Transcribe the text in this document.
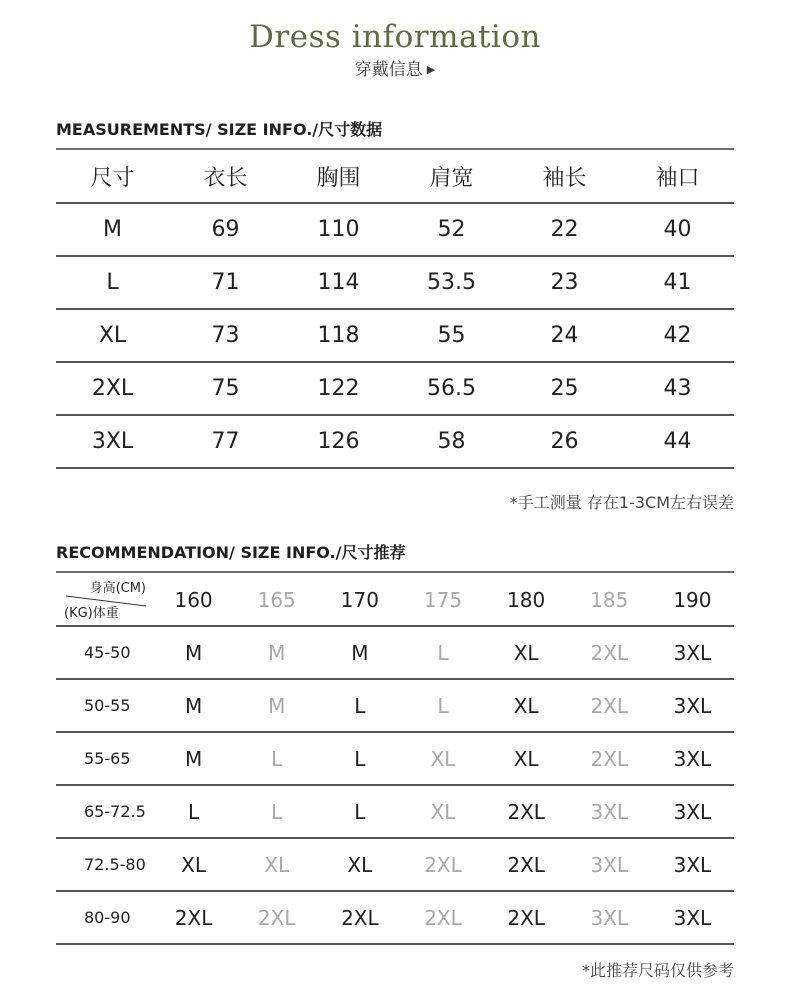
Dress information
穿戴信息 ▶
MEASUREMENTS/ SIZE INFO./尺寸数据
尺寸	衣长	胸围	肩宽	袖长	袖口
M	69	110	52	22	40
L	71	114	53.5	23	41
XL	73	118	55	24	42
2XL	75	122	56.5	25	43
3XL	77	126	58	26	44
*手工测量 存在1-3CM左右误差
RECOMMENDATION/ SIZE INFO./尺寸推荐
身高(CM)
(KG)体重	160	165	170	175	180	185	190
45-50	M	M	M	L	XL	2XL	3XL
50-55	M	M	L	L	XL	2XL	3XL
55-65	M	L	L	XL	XL	2XL	3XL
65-72.5	L	L	L	XL	2XL	3XL	3XL
72.5-80	XL	XL	XL	2XL	2XL	3XL	3XL
80-90	2XL	2XL	2XL	2XL	2XL	3XL	3XL
*此推荐尺码仅供参考
